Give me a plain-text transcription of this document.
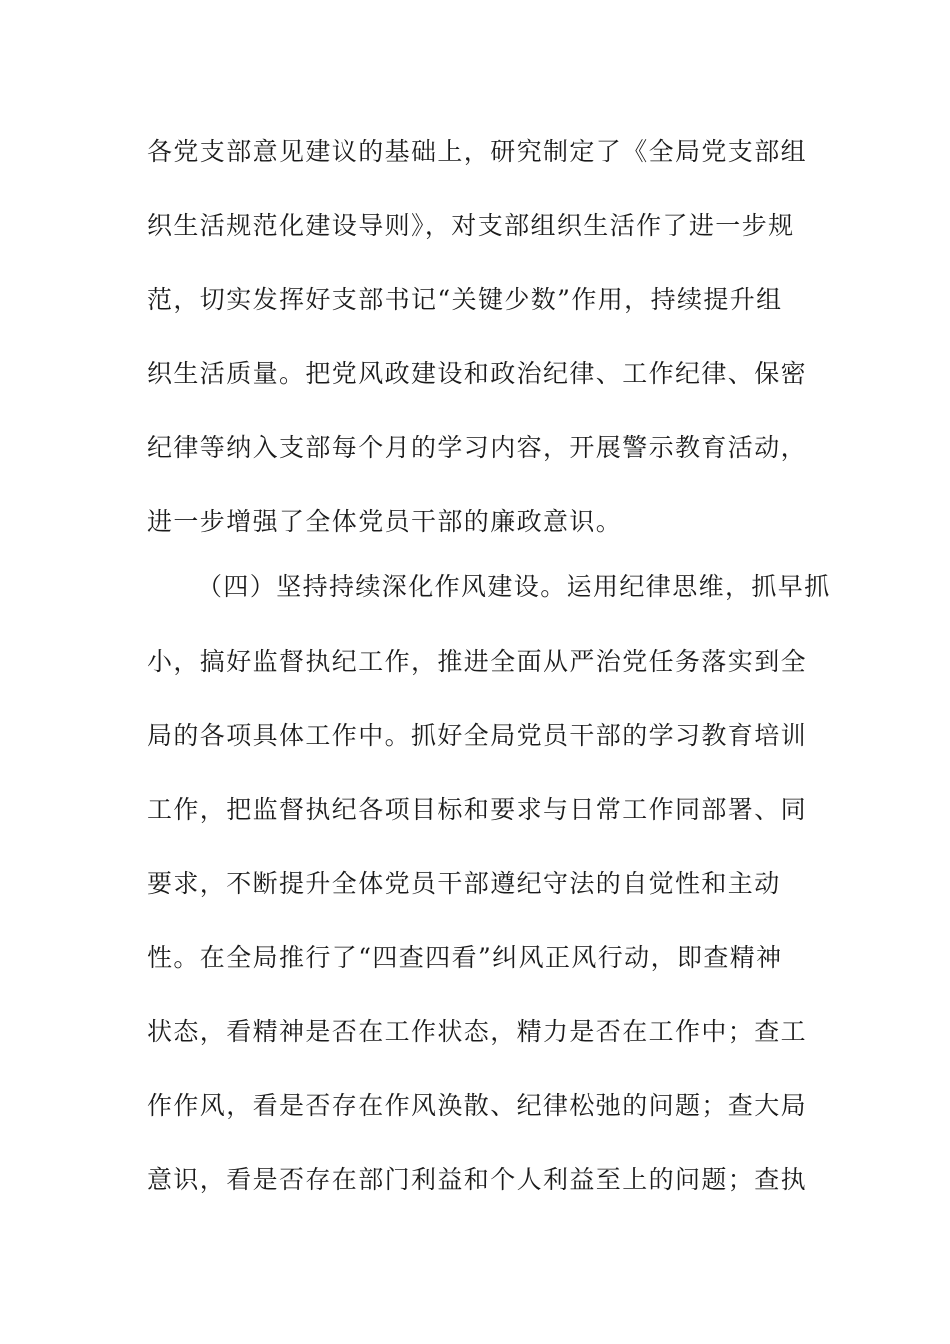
各党支部意见建议的基础上，研究制定了《全局党支部组
织生活规范化建设导则》，对支部组织生活作了进一步规
范，切实发挥好支部书记“关键少数”作用，持续提升组
织生活质量。把党风政建设和政治纪律、工作纪律、保密
纪律等纳入支部每个月的学习内容，开展警示教育活动，
进一步增强了全体党员干部的廉政意识。
（四）坚持持续深化作风建设。运用纪律思维，抓早抓
小，搞好监督执纪工作，推进全面从严治党任务落实到全
局的各项具体工作中。抓好全局党员干部的学习教育培训
工作，把监督执纪各项目标和要求与日常工作同部署、同
要求，不断提升全体党员干部遵纪守法的自觉性和主动
性。在全局推行了“四查四看”纠风正风行动，即查精神
状态，看精神是否在工作状态，精力是否在工作中；查工
作作风，看是否存在作风涣散、纪律松弛的问题；查大局
意识，看是否存在部门利益和个人利益至上的问题；查执
